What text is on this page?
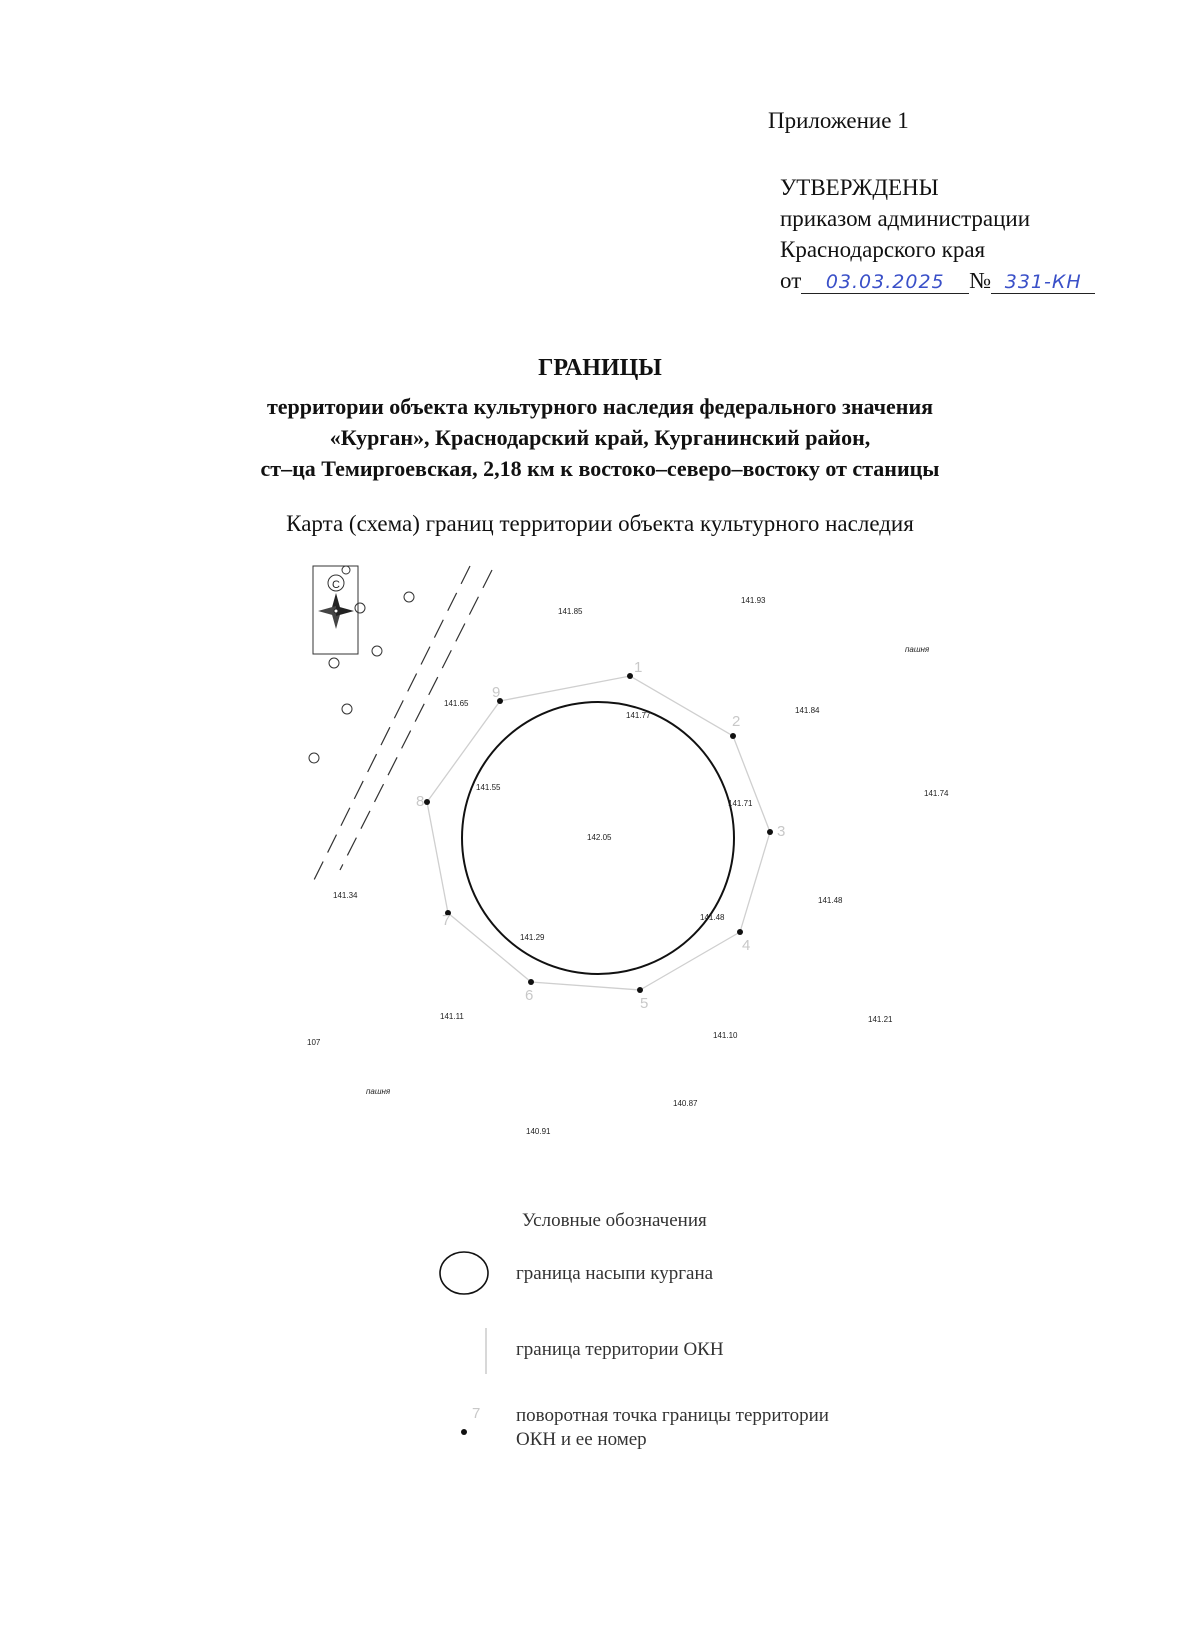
Приложение 1
УТВЕРЖДЕНЫ
приказом администрации
Краснодарского края
от 03.03.2025 № 331-КН
ГРАНИЦЫ
территории объекта культурного наследия федерального значения
«Курган», Краснодарский край, Курганинский район,
ст–ца Темиргоевская, 2,18 км к востоко–северо–востоку от станицы
Карта (схема) границ территории объекта культурного наследия
С
1
2
3
4
5
6
7
8
9
142.05
141.77
141.71
141.48
141.29
141.55
141.85
141.93
141.84
141.74
141.48
141.21
141.10
140.87
140.91
141.11
107
141.34
141.65
пашня
пашня
Условные обозначения
граница насыпи кургана
граница территории ОКН
7 поворотная точка границы территории ОКН и ее номер
